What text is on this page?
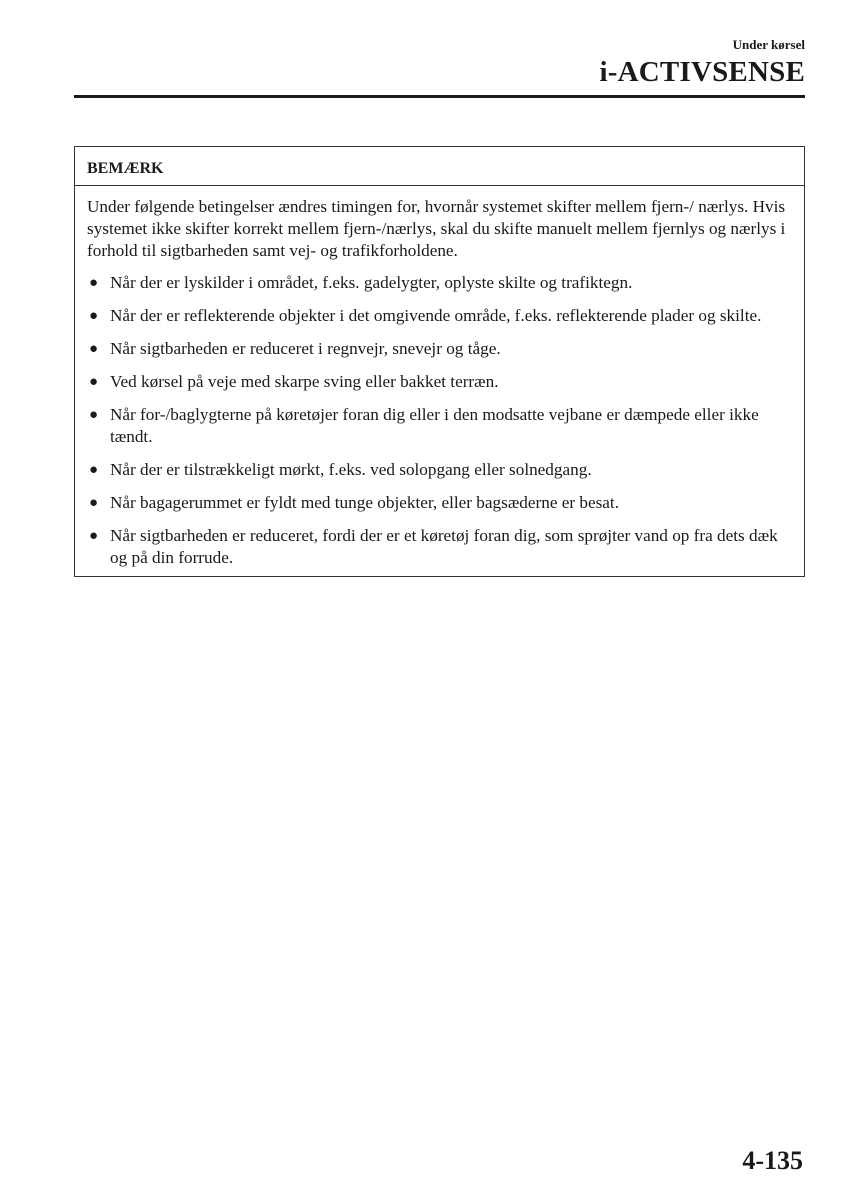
Under kørsel
i-ACTIVSENSE
BEMÆRK

Under følgende betingelser ændres timingen for, hvornår systemet skifter mellem fjern-/ nærlys. Hvis systemet ikke skifter korrekt mellem fjern-/nærlys, skal du skifte manuelt mellem fjernlys og nærlys i forhold til sigtbarheden samt vej- og trafikforholdene.

● Når der er lyskilder i området, f.eks. gadelygter, oplyste skilte og trafiktegn.
● Når der er reflekterende objekter i det omgivende område, f.eks. reflekterende plader og skilte.
● Når sigtbarheden er reduceret i regnvejr, snevejr og tåge.
● Ved kørsel på veje med skarpe sving eller bakket terræn.
● Når for-/baglygterne på køretøjer foran dig eller i den modsatte vejbane er dæmpede eller ikke tændt.
● Når der er tilstrækkeligt mørkt, f.eks. ved solopgang eller solnedgang.
● Når bagagerummet er fyldt med tunge objekter, eller bagsæderne er besat.
● Når sigtbarheden er reduceret, fordi der er et køretøj foran dig, som sprøjter vand op fra dets dæk og på din forrude.
4-135
